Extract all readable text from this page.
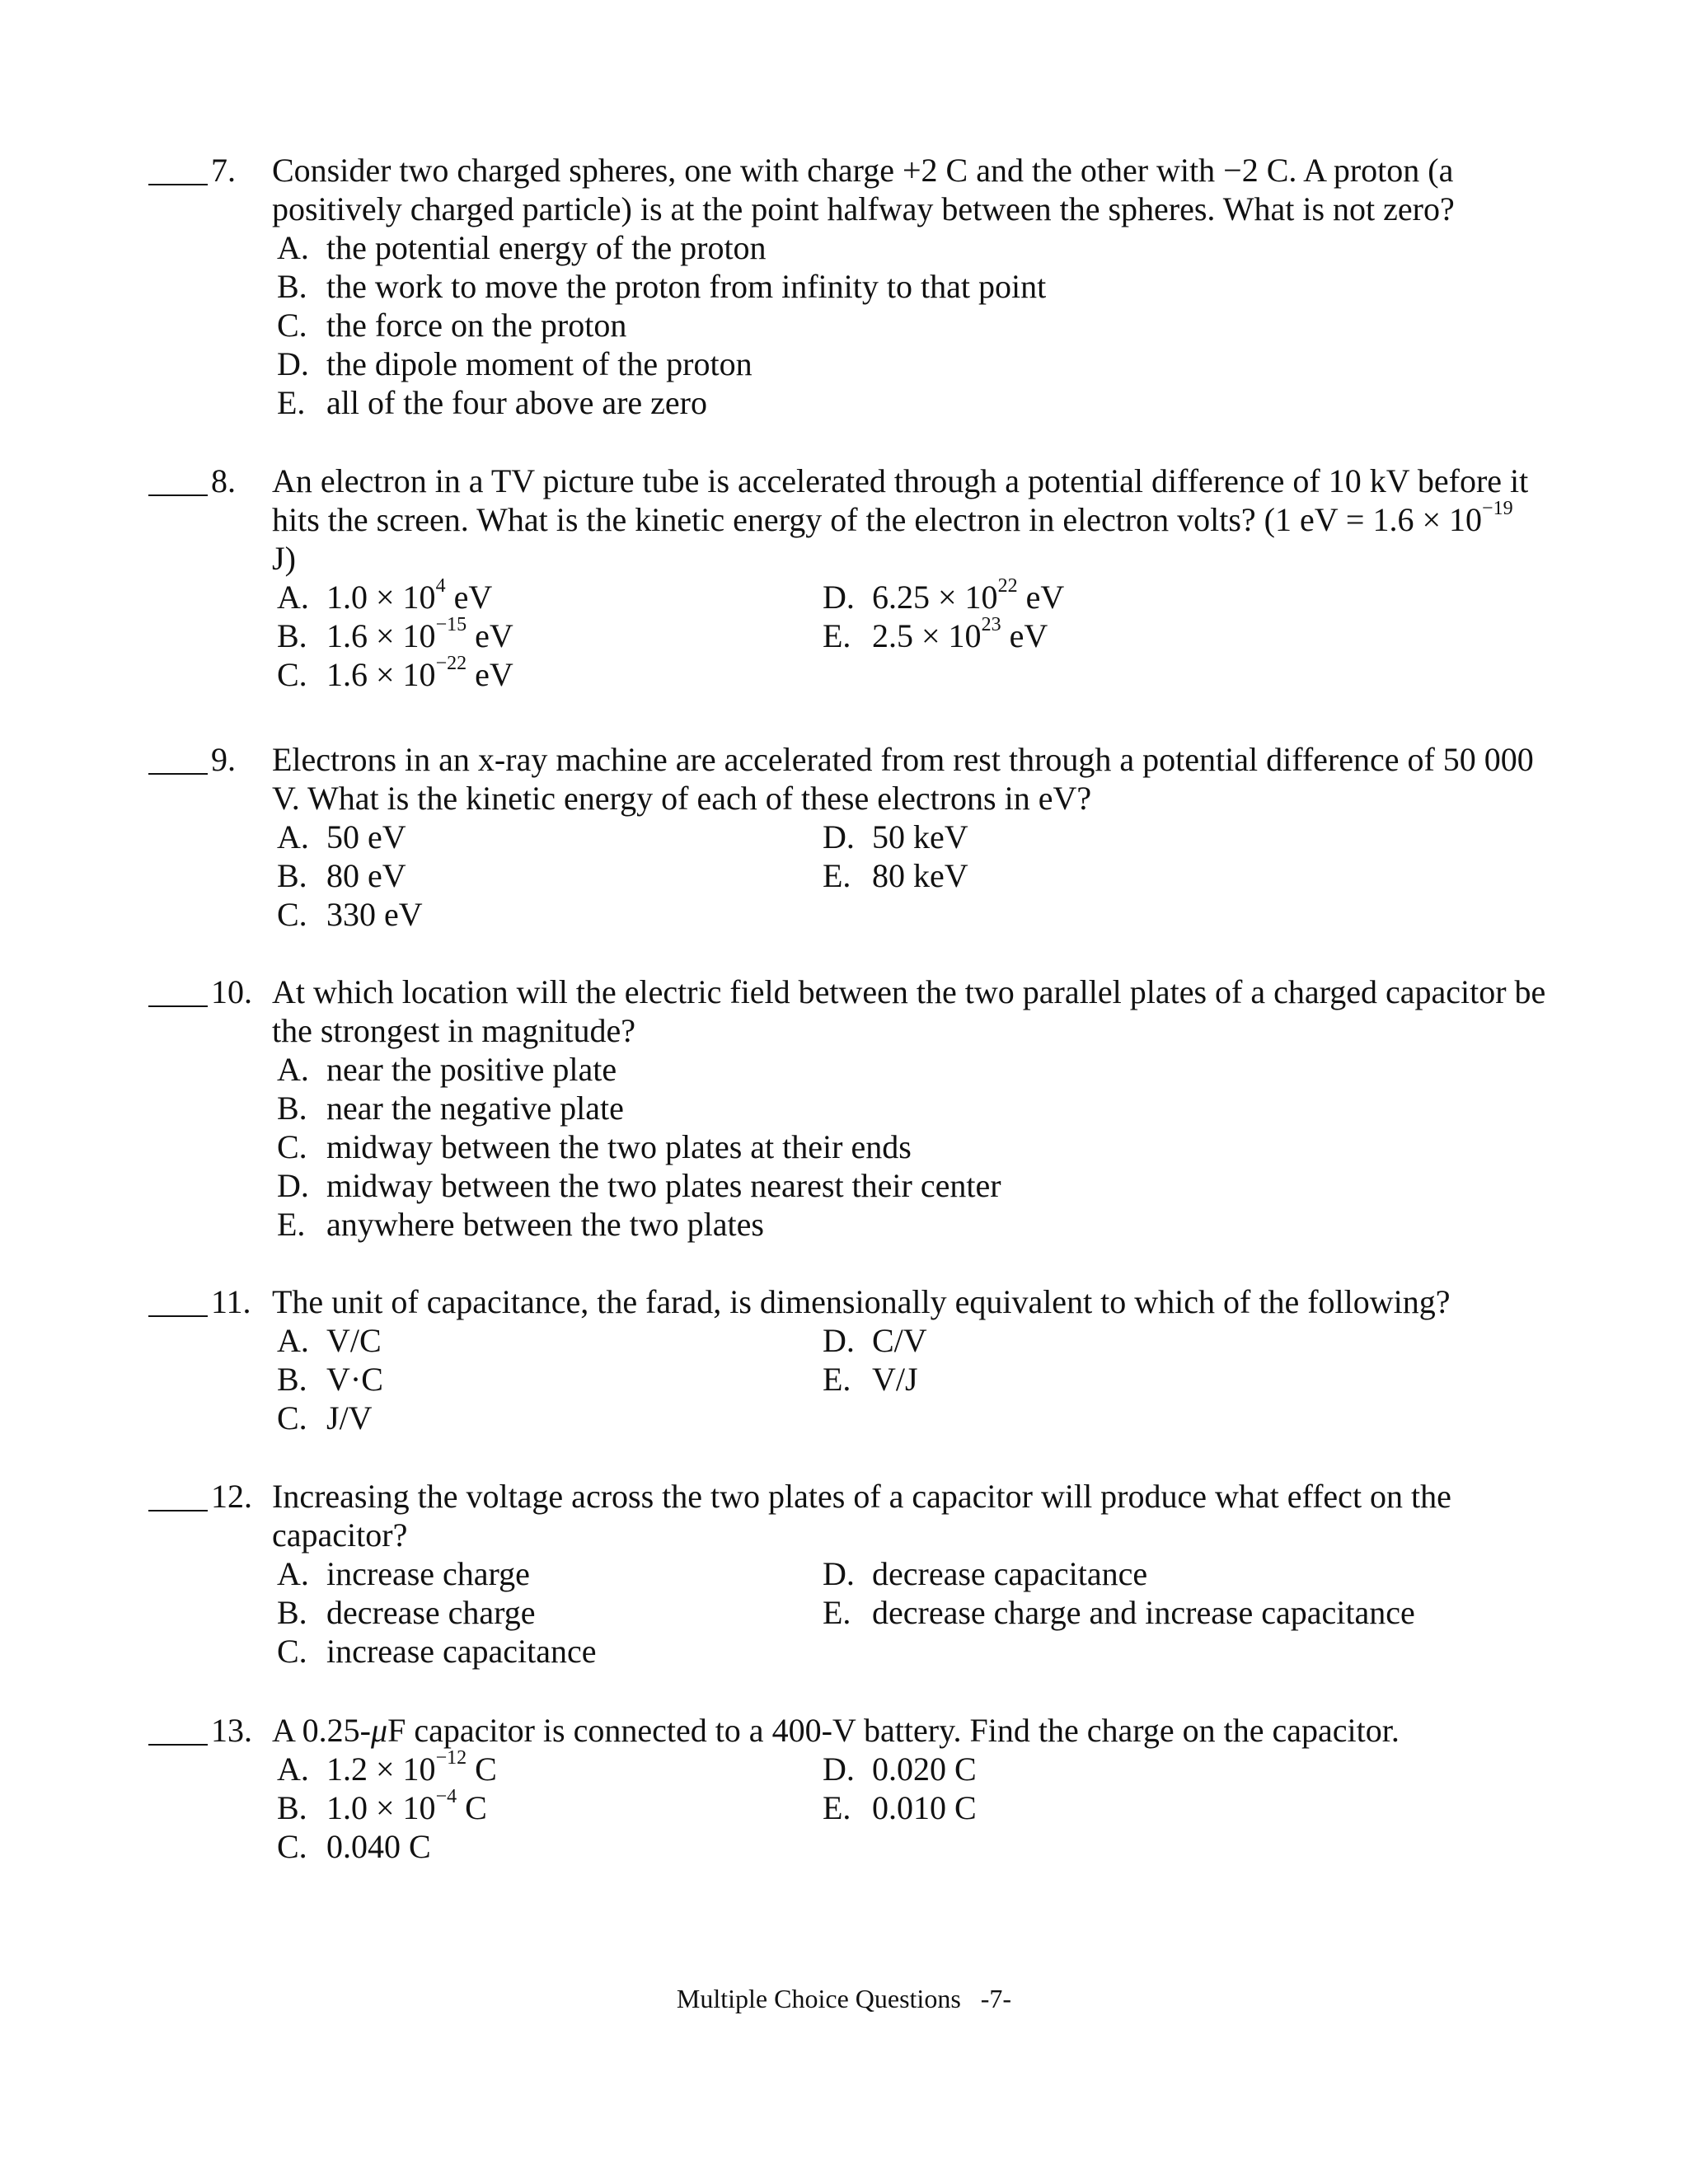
7. Consider two charged spheres, one with charge +2 C and the other with −2 C. A proton (a positively charged particle) is at the point halfway between the spheres. What is not zero?
A. the potential energy of the proton
B. the work to move the proton from infinity to that point
C. the force on the proton
D. the dipole moment of the proton
E. all of the four above are zero
8. An electron in a TV picture tube is accelerated through a potential difference of 10 kV before it hits the screen. What is the kinetic energy of the electron in electron volts? (1 eV = $1.6 \times 10^{-19}$
J)
A. $1.0 \times 10^4$ eV
B. $1.6 \times 10^{-15}$ eV
C. $1.6 \times 10^{-22}$ eV
D. $6.25 \times 10^{22}$ eV
E. $2.5 \times 10^{23}$ eV
9. Electrons in an x-ray machine are accelerated from rest through a potential difference of 50 000 V. What is the kinetic energy of each of these electrons in eV?
A. 50 eV
B. 80 eV
C. 330 eV
D. 50 keV
E. 80 keV
10. At which location will the electric field between the two parallel plates of a charged capacitor be the strongest in magnitude?
A. near the positive plate
B. near the negative plate
C. midway between the two plates at their ends
D. midway between the two plates nearest their center
E. anywhere between the two plates
11. The unit of capacitance, the farad, is dimensionally equivalent to which of the following?
A. V/C
B. V·C
C. J/V
D. C/V
E. V/J
12. Increasing the voltage across the two plates of a capacitor will produce what effect on the capacitor?
A. increase charge
B. decrease charge
C. increase capacitance
D. decrease capacitance
E. decrease charge and increase capacitance
13. A 0.25-μF capacitor is connected to a 400-V battery. Find the charge on the capacitor.
A. $1.2 \times 10^{-12}$ C
B. $1.0 \times 10^{-4}$ C
C. 0.040 C
D. 0.020 C
E. 0.010 C
Multiple Choice Questions -7-
